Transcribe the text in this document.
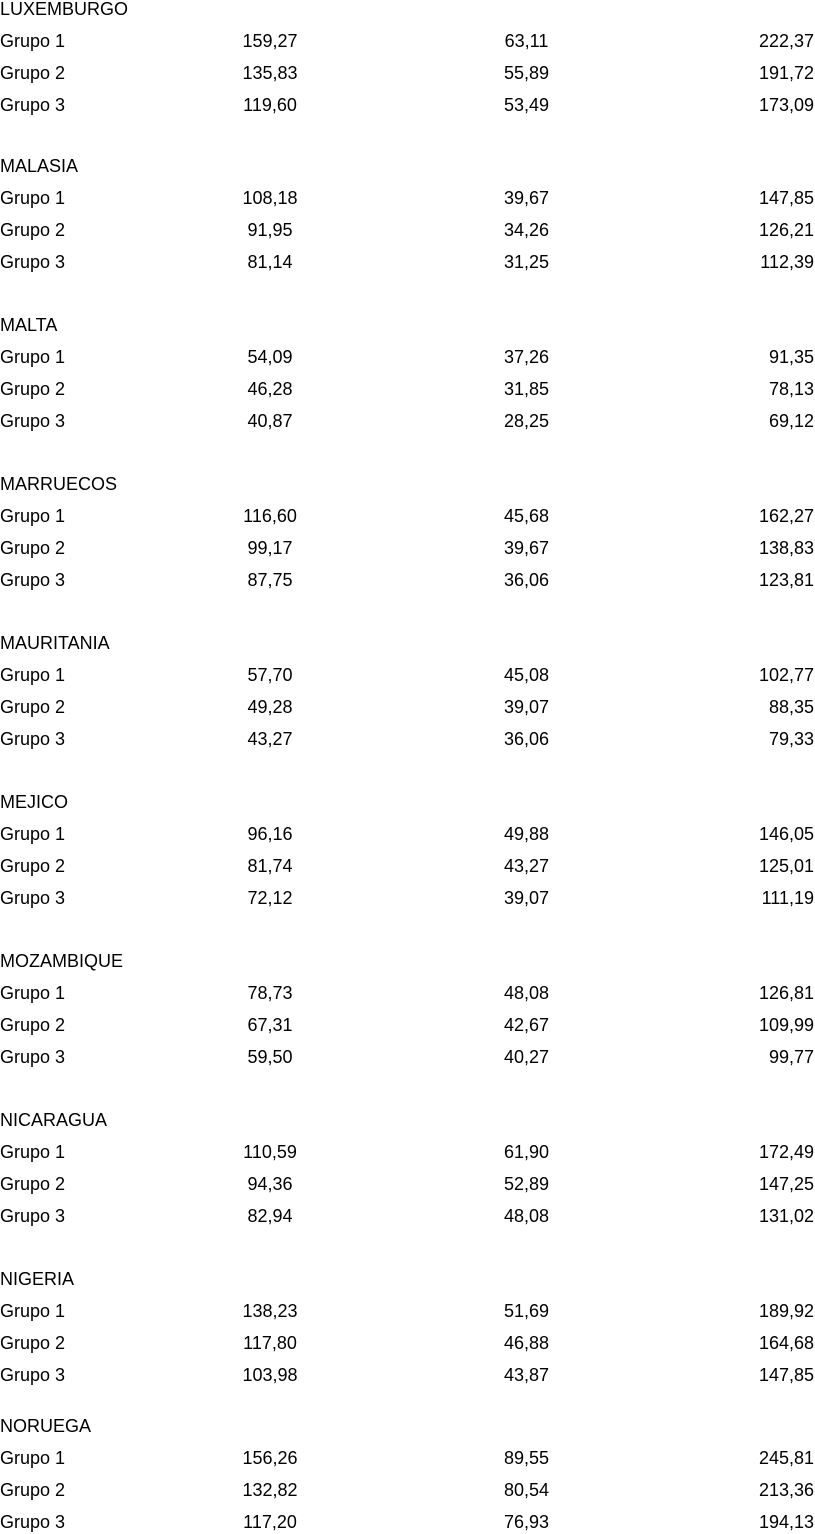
LUXEMBURGO
Grupo 1	159,27	63,11	222,37
Grupo 2	135,83	55,89	191,72
Grupo 3	119,60	53,49	173,09
MALASIA
Grupo 1	108,18	39,67	147,85
Grupo 2	91,95	34,26	126,21
Grupo 3	81,14	31,25	112,39
MALTA
Grupo 1	54,09	37,26	91,35
Grupo 2	46,28	31,85	78,13
Grupo 3	40,87	28,25	69,12
MARRUECOS
Grupo 1	116,60	45,68	162,27
Grupo 2	99,17	39,67	138,83
Grupo 3	87,75	36,06	123,81
MAURITANIA
Grupo 1	57,70	45,08	102,77
Grupo 2	49,28	39,07	88,35
Grupo 3	43,27	36,06	79,33
MEJICO
Grupo 1	96,16	49,88	146,05
Grupo 2	81,74	43,27	125,01
Grupo 3	72,12	39,07	111,19
MOZAMBIQUE
Grupo 1	78,73	48,08	126,81
Grupo 2	67,31	42,67	109,99
Grupo 3	59,50	40,27	99,77
NICARAGUA
Grupo 1	110,59	61,90	172,49
Grupo 2	94,36	52,89	147,25
Grupo 3	82,94	48,08	131,02
NIGERIA
Grupo 1	138,23	51,69	189,92
Grupo 2	117,80	46,88	164,68
Grupo 3	103,98	43,87	147,85
NORUEGA
Grupo 1	156,26	89,55	245,81
Grupo 2	132,82	80,54	213,36
Grupo 3	117,20	76,93	194,13
